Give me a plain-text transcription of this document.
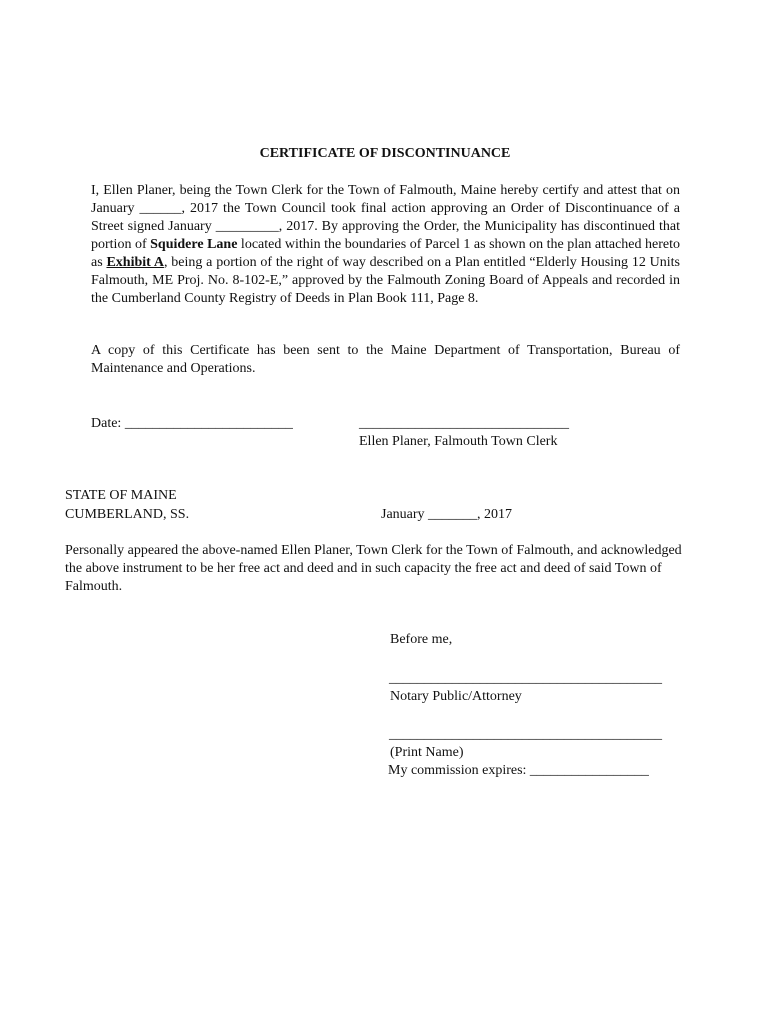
CERTIFICATE OF DISCONTINUANCE
I, Ellen Planer, being the Town Clerk for the Town of Falmouth, Maine hereby certify and attest that on January ______, 2017 the Town Council took final action approving an Order of Discontinuance of a Street signed January _________, 2017. By approving the Order, the Municipality has discontinued that portion of Squidere Lane located within the boundaries of Parcel 1 as shown on the plan attached hereto as Exhibit A, being a portion of the right of way described on a Plan entitled “Elderly Housing 12 Units Falmouth, ME Proj. No. 8-102-E,” approved by the Falmouth Zoning Board of Appeals and recorded in the Cumberland County Registry of Deeds in Plan Book 111, Page 8.
A copy of this Certificate has been sent to the Maine Department of Transportation, Bureau of Maintenance and Operations.
Date: ________________________	______________________________
Ellen Planer, Falmouth Town Clerk
STATE OF MAINE
CUMBERLAND, SS.	January _______, 2017
Personally appeared the above-named Ellen Planer, Town Clerk for the Town of Falmouth, and acknowledged the above instrument to be her free act and deed and in such capacity the free act and deed of said Town of Falmouth.
Before me,
_______________________________________
Notary Public/Attorney
_______________________________________
(Print Name)
My commission expires: _________________
